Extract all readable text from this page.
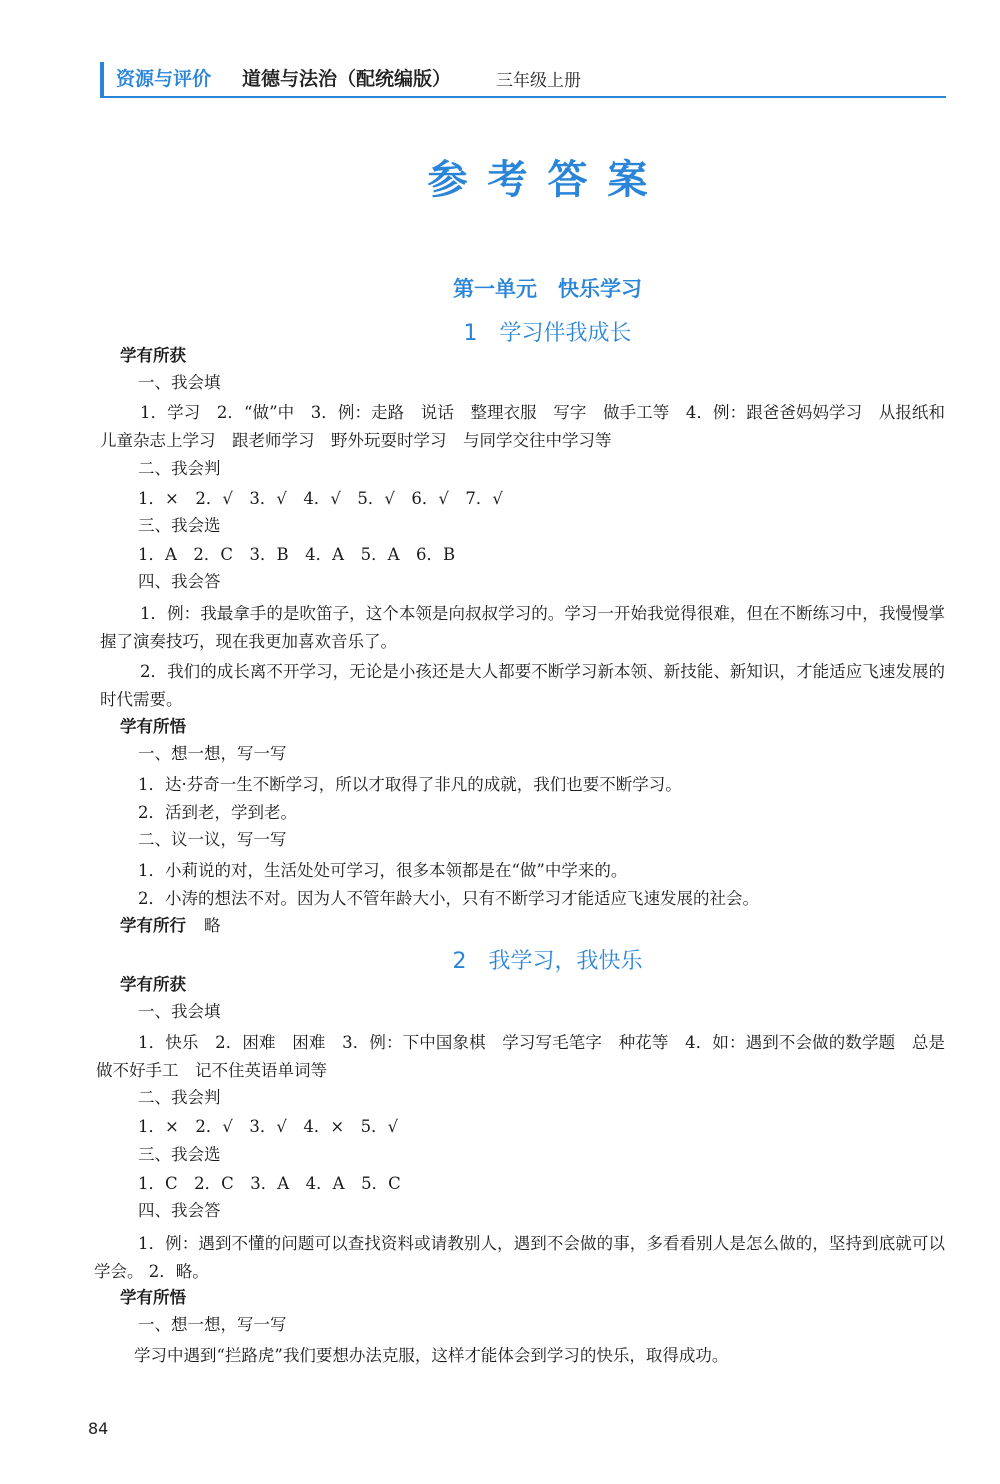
资源与评价 道德与法治（配统编版）	三年级上册
参考答案
第一单元　快乐学习
1　学习伴我成长
学有所获
一、我会填
1．学习　2．“做”中　3．例：走路　说话　整理衣服　写字　做手工等　4．例：跟爸爸妈妈学习　从报纸和儿童杂志上学习　跟老师学习　野外玩耍时学习　与同学交往中学习等
二、我会判
1．×　2．√　3．√　4．√　5．√　6．√　7．√
三、我会选
1．A　2．C　3．B　4．A　5．A　6．B
四、我会答
1．例：我最拿手的是吹笛子，这个本领是向叔叔学习的。学习一开始我觉得很难，但在不断练习中，我慢慢掌握了演奏技巧，现在我更加喜欢音乐了。
2．我们的成长离不开学习，无论是小孩还是大人都要不断学习新本领、新技能、新知识，才能适应飞速发展的时代需要。
学有所悟
一、想一想，写一写
1．达·芬奇一生不断学习，所以才取得了非凡的成就，我们也要不断学习。
2．活到老，学到老。
二、议一议，写一写
1．小莉说的对，生活处处可学习，很多本领都是在“做”中学来的。
2．小涛的想法不对。因为人不管年龄大小，只有不断学习才能适应飞速发展的社会。
学有所行 略
2　我学习，我快乐
学有所获
一、我会填
1．快乐　2．困难　困难　3．例：下中国象棋　学习写毛笔字　种花等　4．如：遇到不会做的数学题　总是做不好手工　记不住英语单词等
二、我会判
1．×　2．√　3．√　4．×　5．√
三、我会选
1．C　2．C　3．A　4．A　5．C
四、我会答
1．例：遇到不懂的问题可以查找资料或请教别人，遇到不会做的事，多看看别人是怎么做的，坚持到底就可以学会。 2．略。
学有所悟
一、想一想，写一写
学习中遇到“拦路虎”我们要想办法克服，这样才能体会到学习的快乐，取得成功。
84
